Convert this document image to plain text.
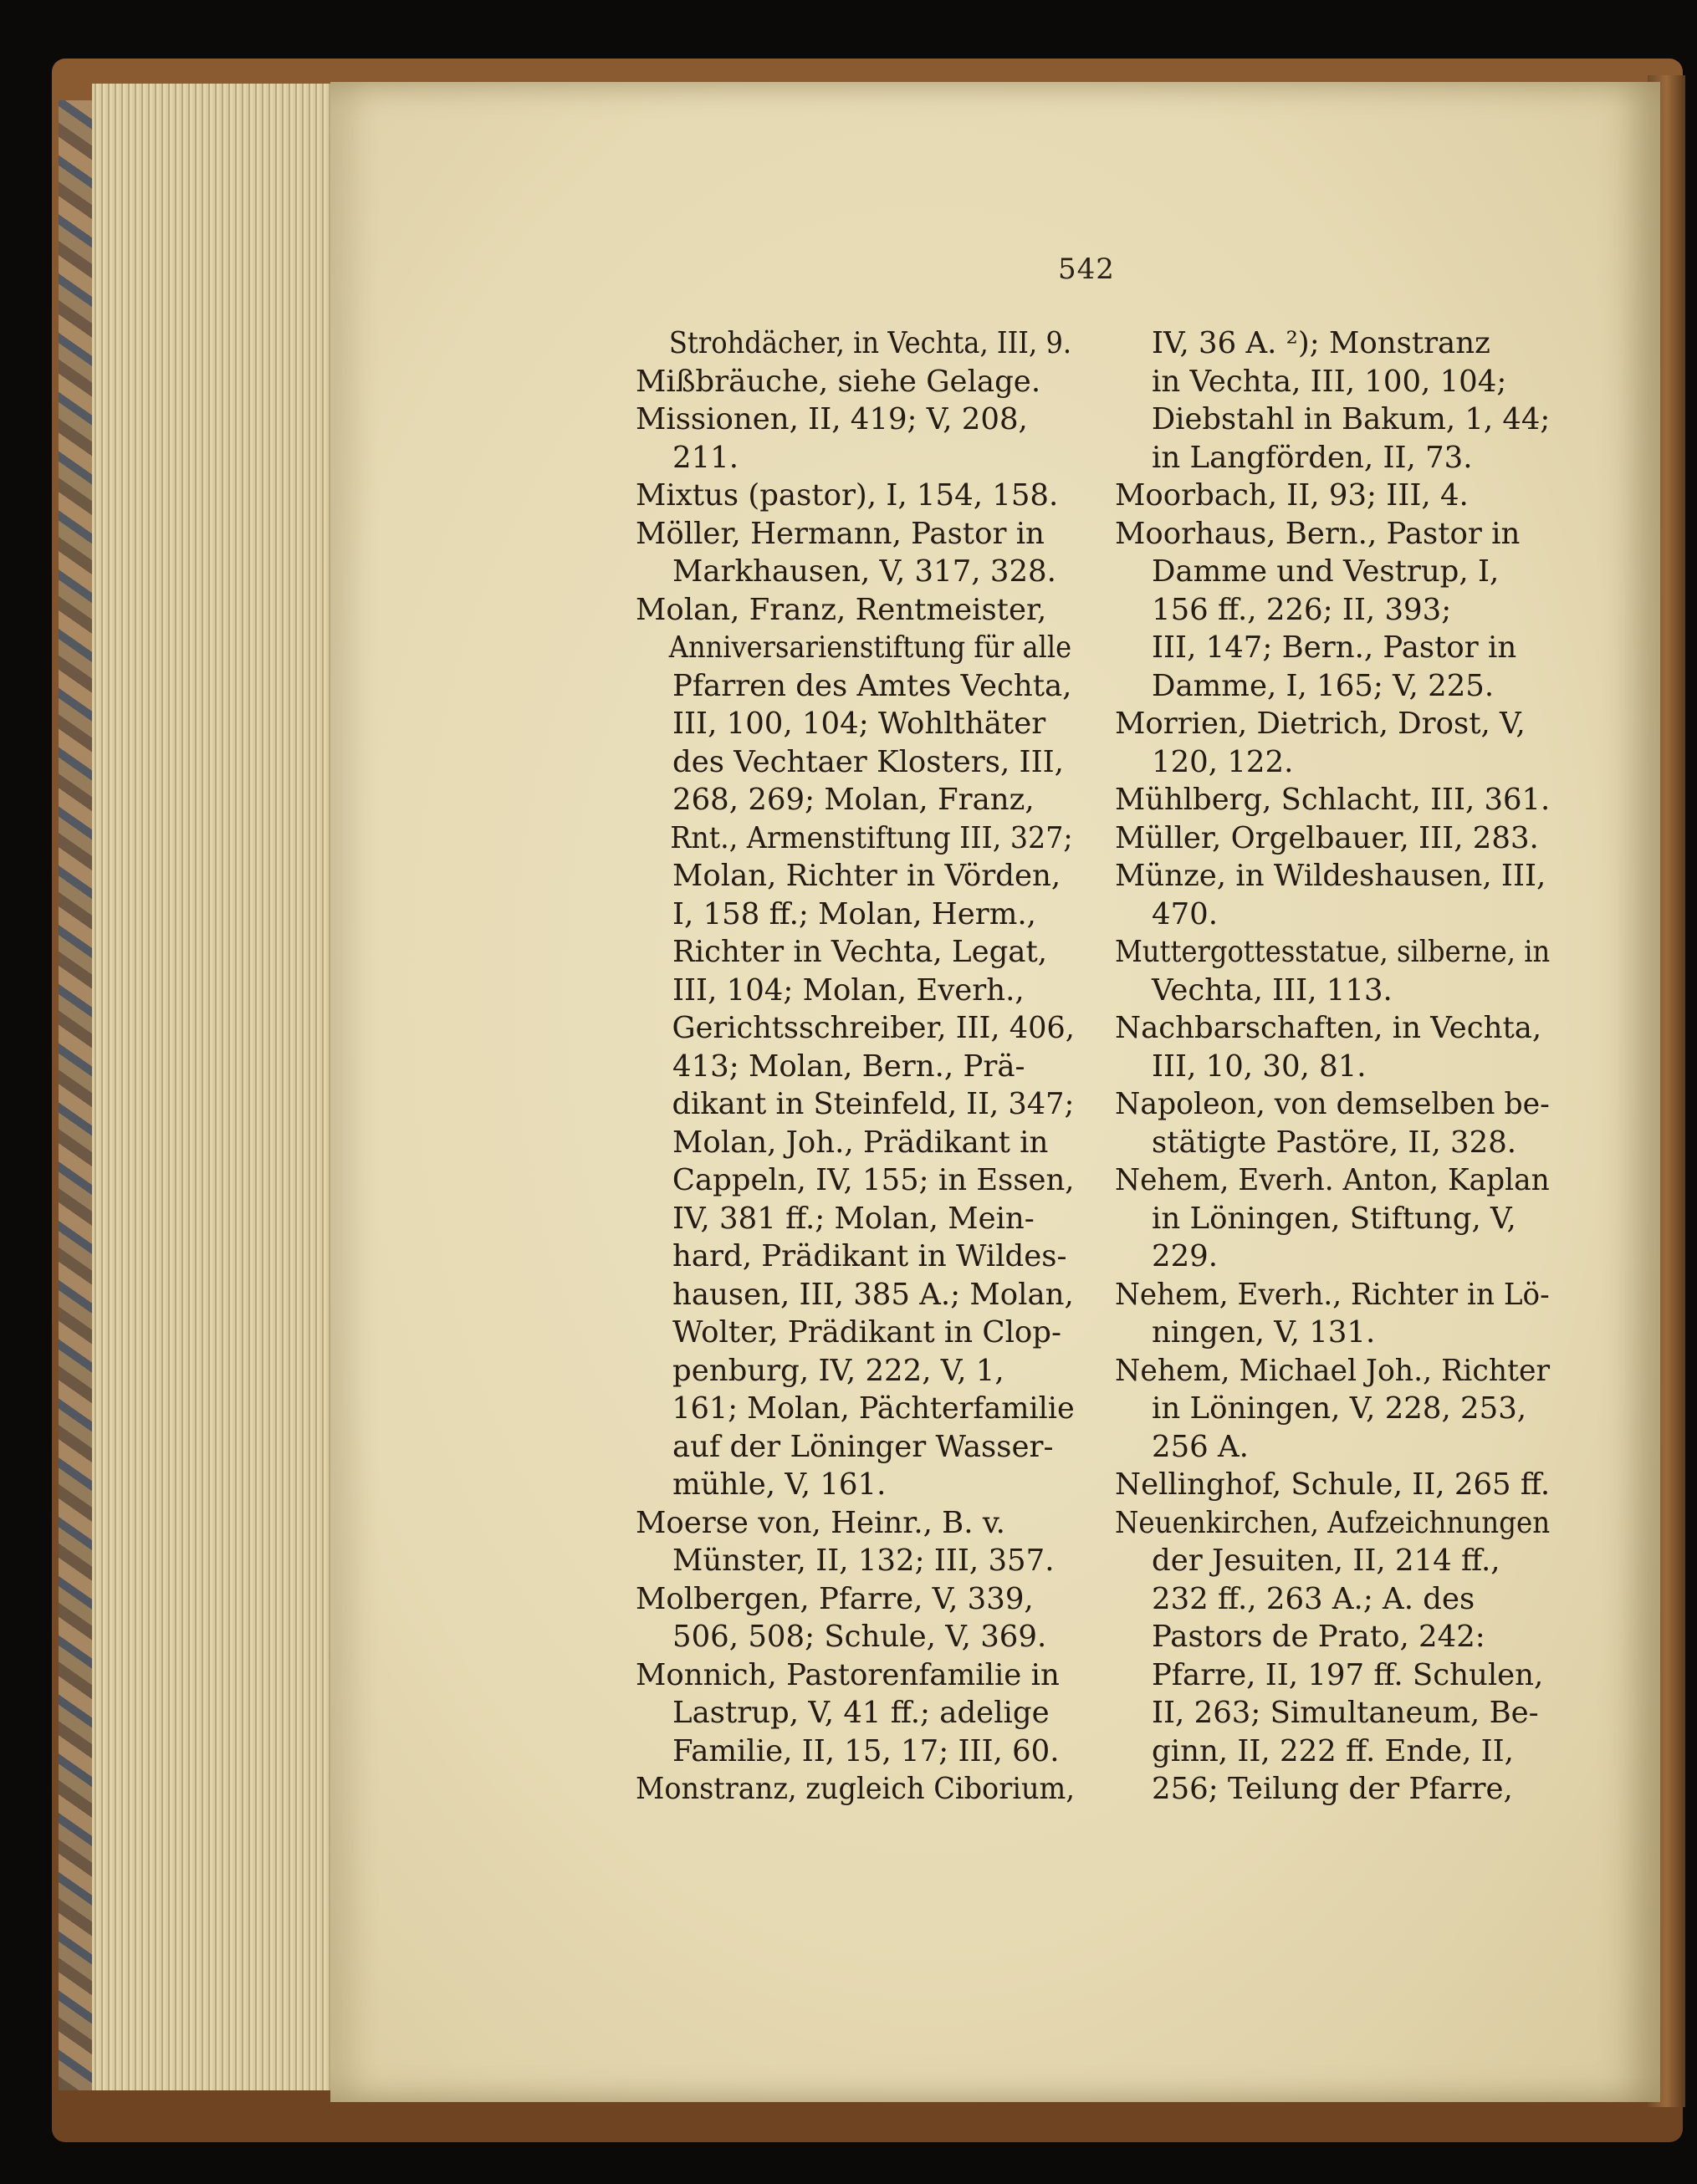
542
Strohdächer, in Vechta, III, 9.
Mißbräuche, siehe Gelage.
Missionen, II, 419; V, 208,
211.
Mixtus (pastor), I, 154, 158.
Möller, Hermann, Pastor in
Markhausen, V, 317, 328.
Molan, Franz, Rentmeister,
Anniversarienstiftung für alle
Pfarren des Amtes Vechta,
III, 100, 104; Wohlthäter
des Vechtaer Klosters, III,
268, 269; Molan, Franz,
Rnt., Armenstiftung III, 327;
Molan, Richter in Vörden,
I, 158 ff.; Molan, Herm.,
Richter in Vechta, Legat,
III, 104; Molan, Everh.,
Gerichtsschreiber, III, 406,
413; Molan, Bern., Prä-
dikant in Steinfeld, II, 347;
Molan, Joh., Prädikant in
Cappeln, IV, 155; in Essen,
IV, 381 ff.; Molan, Mein-
hard, Prädikant in Wildes-
hausen, III, 385 A.; Molan,
Wolter, Prädikant in Clop-
penburg, IV, 222, V, 1,
161; Molan, Pächterfamilie
auf der Löninger Wasser-
mühle, V, 161.
Moerse von, Heinr., B. v.
Münster, II, 132; III, 357.
Molbergen, Pfarre, V, 339,
506, 508; Schule, V, 369.
Monnich, Pastorenfamilie in
Lastrup, V, 41 ff.; adelige
Familie, II, 15, 17; III, 60.
Monstranz, zugleich Ciborium,
IV, 36 A. ²); Monstranz
in Vechta, III, 100, 104;
Diebstahl in Bakum, 1, 44;
in Langförden, II, 73.
Moorbach, II, 93; III, 4.
Moorhaus, Bern., Pastor in
Damme und Vestrup, I,
156 ff., 226; II, 393;
III, 147; Bern., Pastor in
Damme, I, 165; V, 225.
Morrien, Dietrich, Drost, V,
120, 122.
Mühlberg, Schlacht, III, 361.
Müller, Orgelbauer, III, 283.
Münze, in Wildeshausen, III,
470.
Muttergottesstatue, silberne, in
Vechta, III, 113.
Nachbarschaften, in Vechta,
III, 10, 30, 81.
Napoleon, von demselben be-
stätigte Pastöre, II, 328.
Nehem, Everh. Anton, Kaplan
in Löningen, Stiftung, V,
229.
Nehem, Everh., Richter in Lö-
ningen, V, 131.
Nehem, Michael Joh., Richter
in Löningen, V, 228, 253,
256 A.
Nellinghof, Schule, II, 265 ff.
Neuenkirchen, Aufzeichnungen
der Jesuiten, II, 214 ff.,
232 ff., 263 A.; A. des
Pastors de Prato, 242:
Pfarre, II, 197 ff. Schulen,
II, 263; Simultaneum, Be-
ginn, II, 222 ff. Ende, II,
256; Teilung der Pfarre,
